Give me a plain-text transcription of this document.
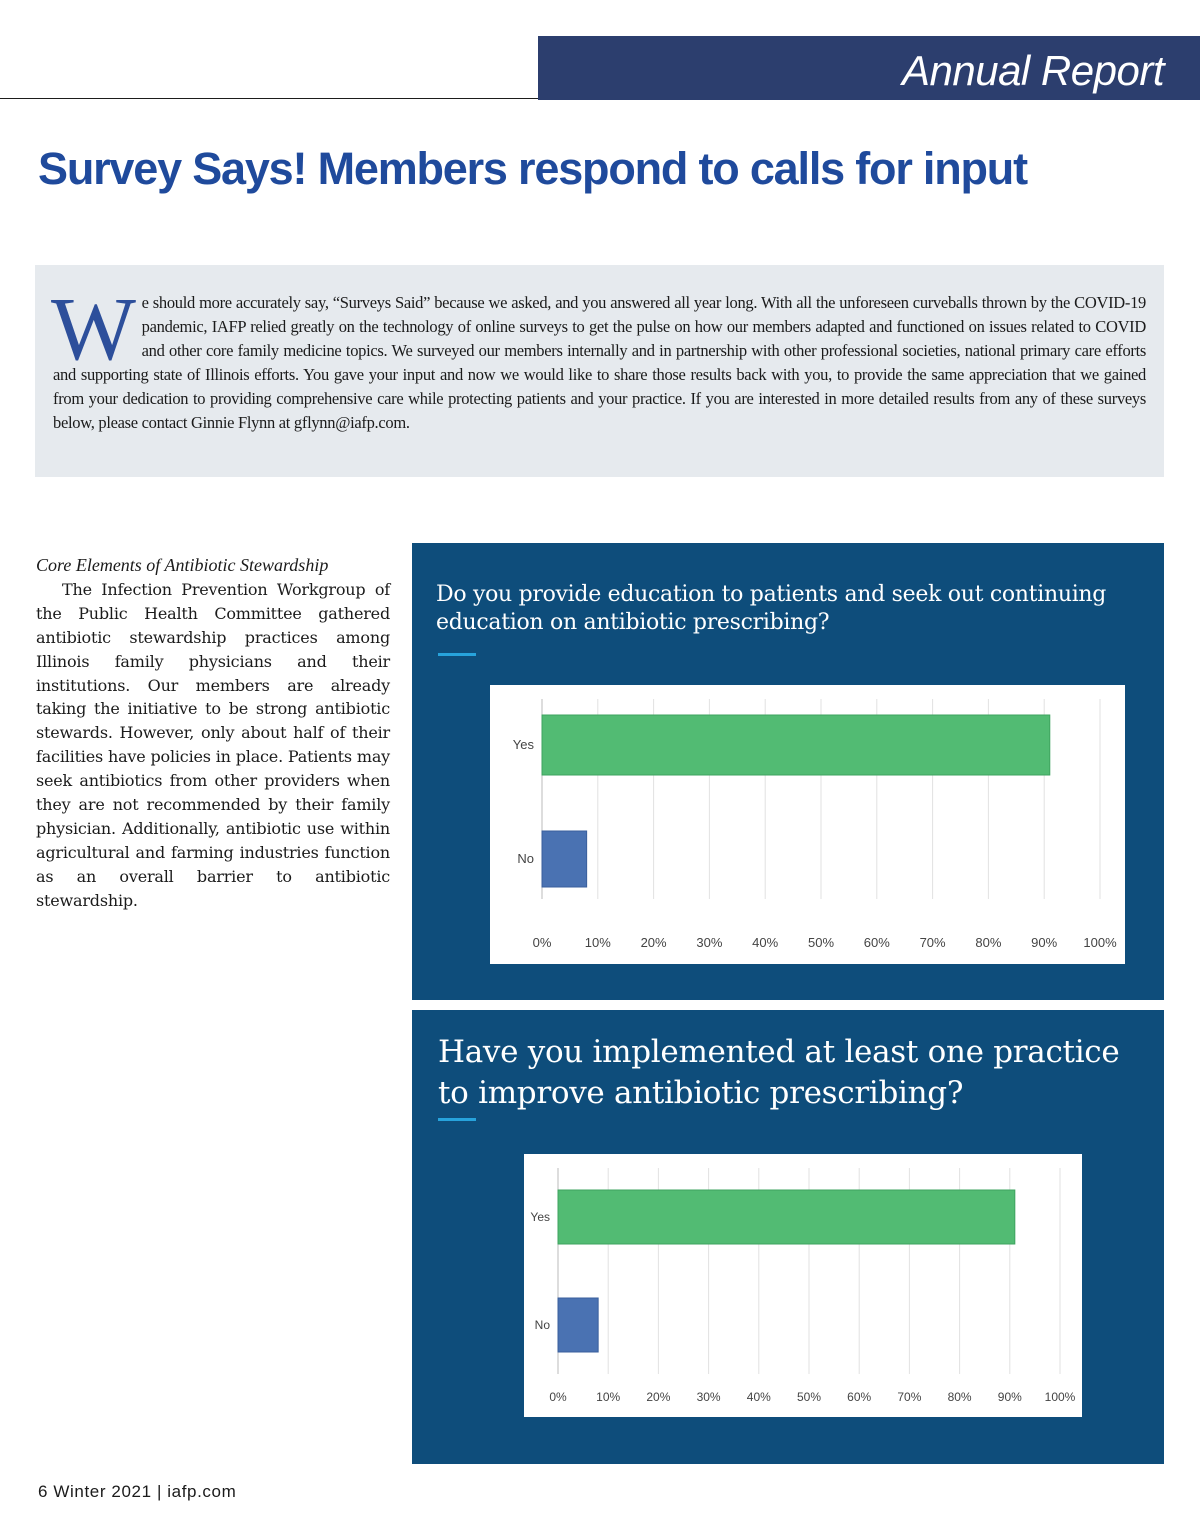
Annual Report
Survey Says! Members respond to calls for input

We should more accurately say, “Surveys Said” because we asked, and you answered all year long. With all the unforeseen curveballs thrown by the COVID-19 pandemic, IAFP relied greatly on the technology of online surveys to get the pulse on how our members adapted and functioned on issues related to COVID and other core family medicine topics. We surveyed our members internally and in partnership with other professional societies, national primary care efforts and supporting state of Illinois efforts. You gave your input and now we would like to share those results back with you, to provide the same appreciation that we gained from your dedication to providing comprehensive care while protecting patients and your practice. If you are interested in more detailed results from any of these surveys below, please contact Ginnie Flynn at gflynn@iafp.com.

Core Elements of Antibiotic Stewardship

The Infection Prevention Workgroup of the Public Health Committee gathered antibiotic stewardship practices among Illinois family physicians and their institutions. Our members are already taking the initiative to be strong antibiotic stewards. However, only about half of their facilities have policies in place. Patients may seek antibiotics from other providers when they are not recommended by their family physician. Additionally, antibiotic use within agricultural and farming industries function as an overall barrier to antibiotic stewardship.

Do you provide education to patients and seek out continuing education on antibiotic prescribing?

0%	10% 20% 30% 40% 50% 60% 70% 80% 90% 100%
Yes
No

Have you implemented at least one practice to improve antibiotic prescribing?

0% 10% 20% 30% 40% 50% 60% 70% 80% 90% 100%
Yes
No
6 Winter 2021 | iafp.com
